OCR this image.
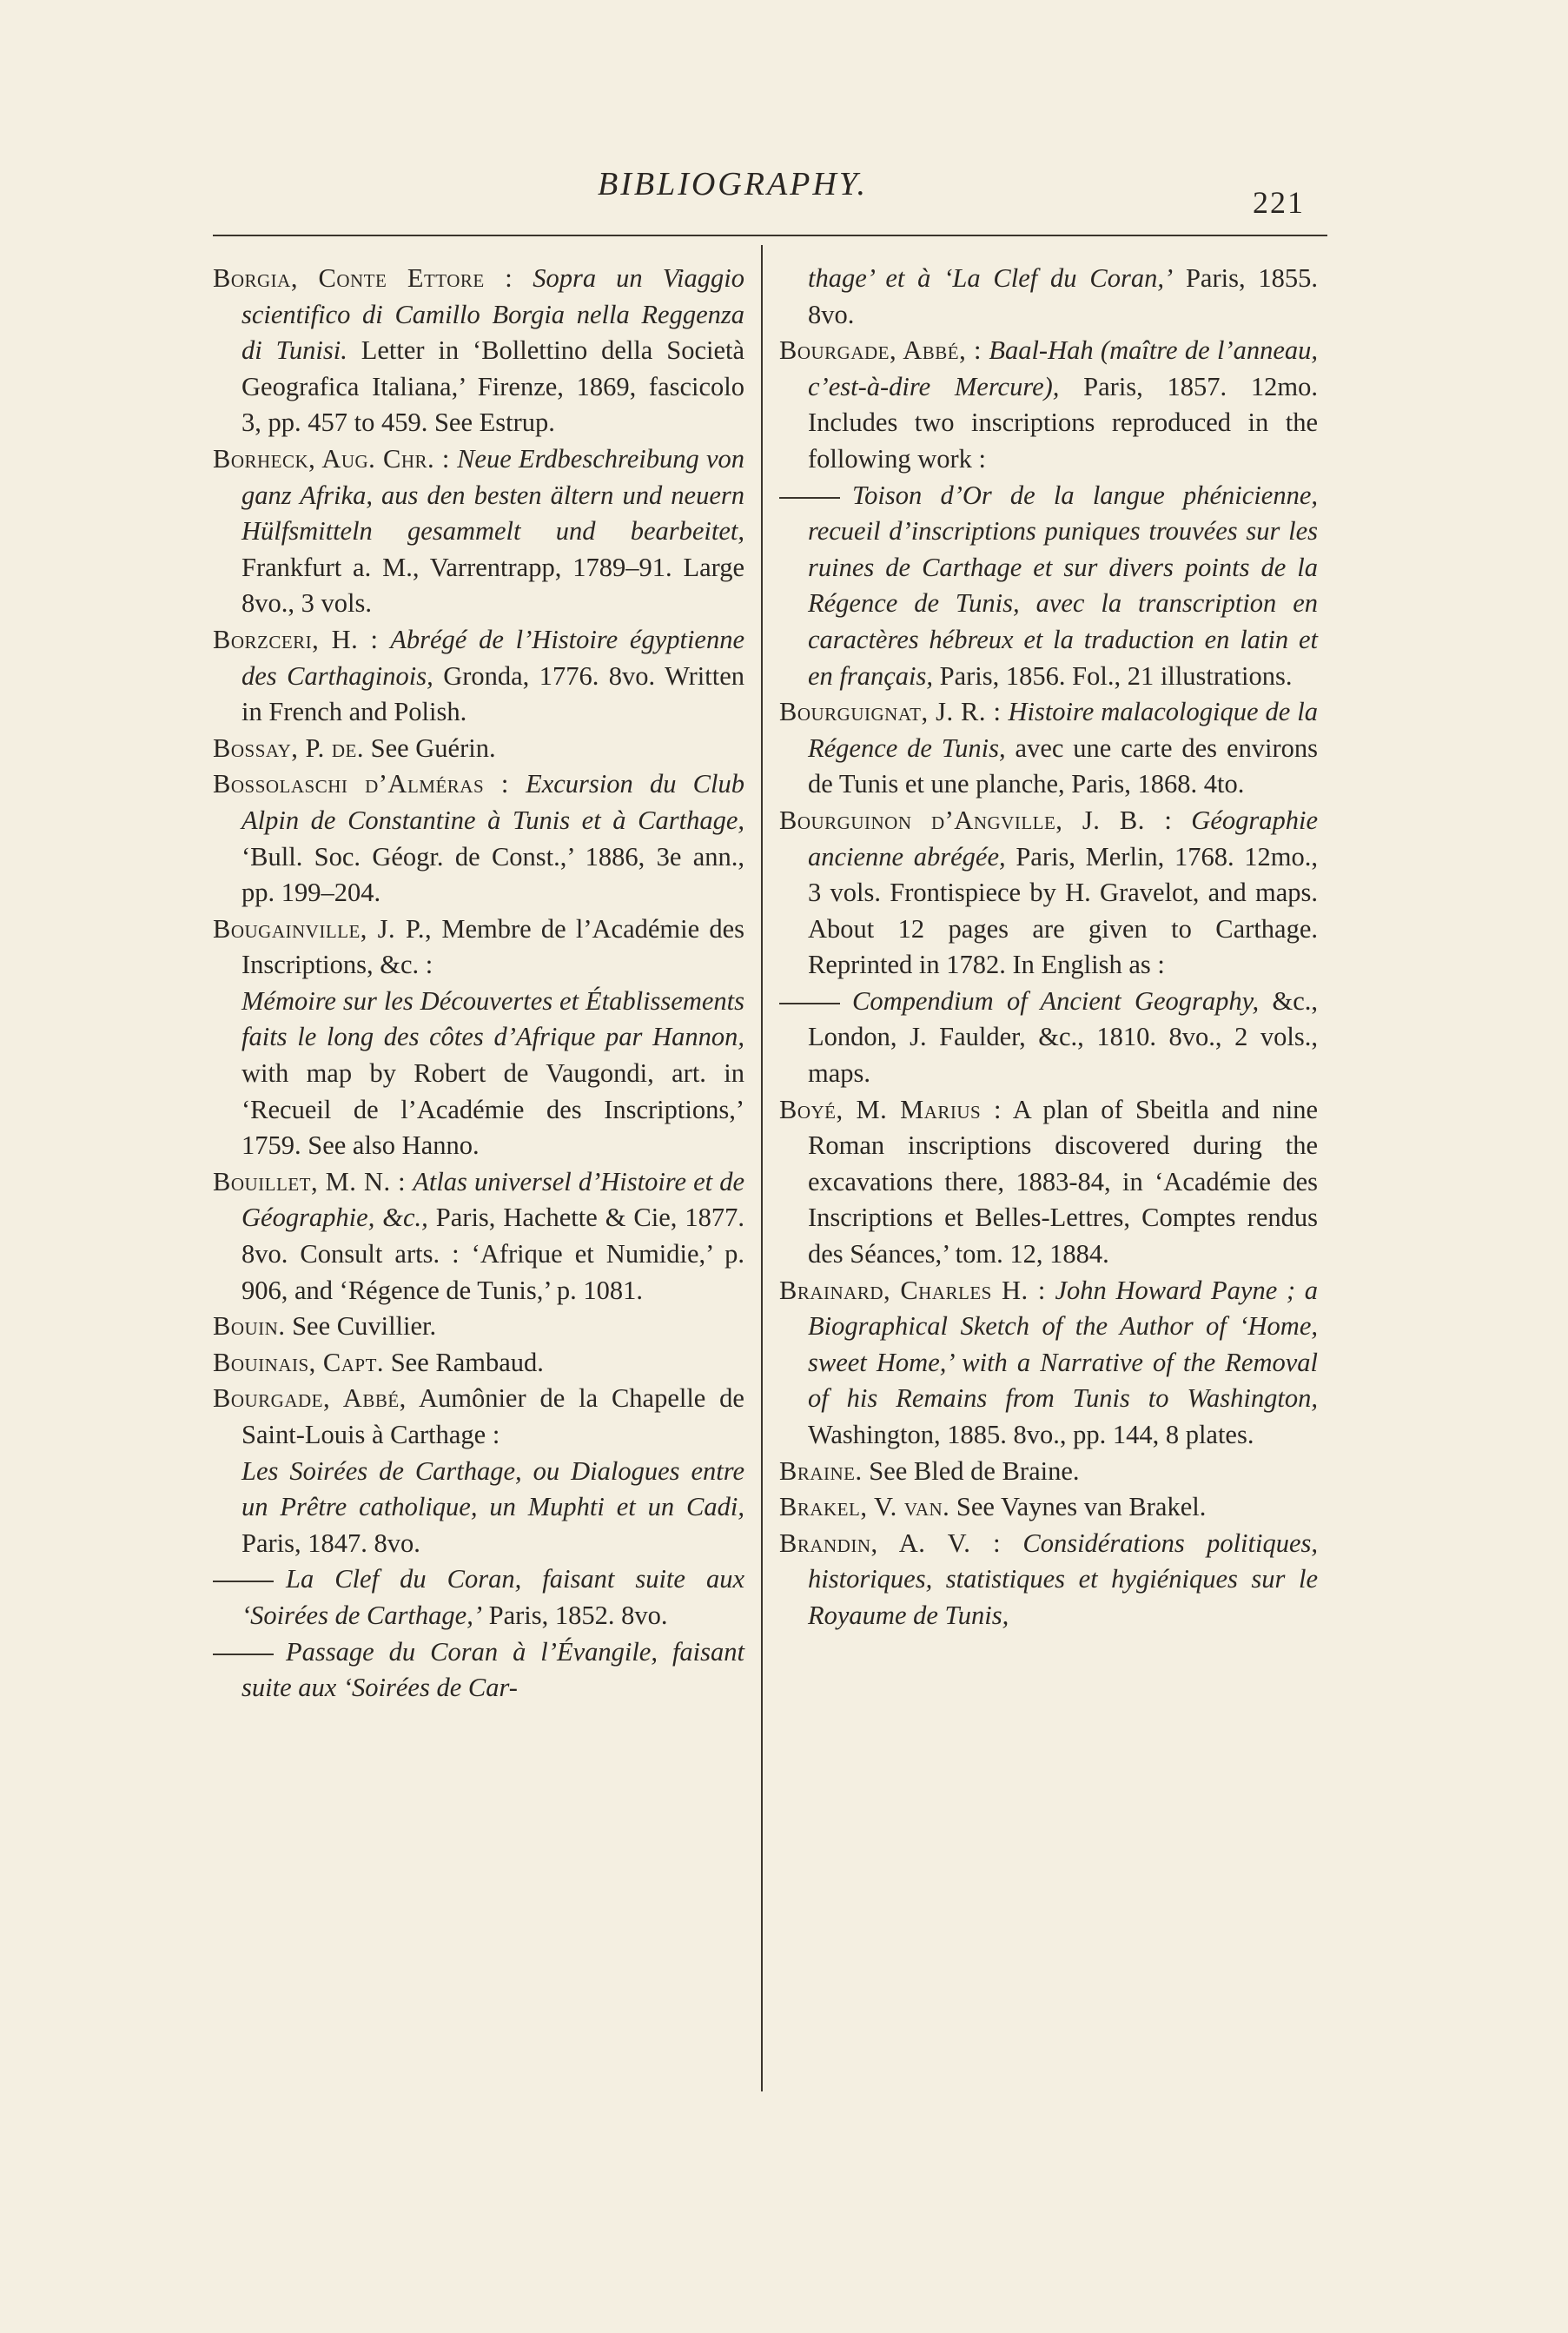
BIBLIOGRAPHY.	221

Borgia, Conte Ettore : Sopra un Viaggio scientifico di Camillo Borgia nella Reggenza di Tunisi. Letter in ‘Bollettino della Società Geografica Italiana,’ Firenze, 1869, fascicolo 3, pp. 457 to 459. See Estrup.

Borheck, Aug. Chr. : Neue Erdbeschreibung von ganz Afrika, aus den besten ältern und neuern Hülfsmitteln gesammelt und bearbeitet, Frankfurt a. M., Varrentrapp, 1789–91. Large 8vo., 3 vols.

Borzceri, H. : Abrégé de l’Histoire égyptienne des Carthaginois, Gronda, 1776. 8vo. Written in French and Polish.

Bossay, P. de. See Guérin.

Bossolaschi d’Alméras : Excursion du Club Alpin de Constantine à Tunis et à Carthage, ‘Bull. Soc. Géogr. de Const.,’ 1886, 3e ann., pp. 199–204.

Bougainville, J. P., Membre de l’Académie des Inscriptions, &c. :

Mémoire sur les Découvertes et Établissements faits le long des côtes d’Afrique par Hannon, with map by Robert de Vaugondi, art. in ‘Recueil de l’Académie des Inscriptions,’ 1759. See also Hanno.

Bouillet, M. N. : Atlas universel d’Histoire et de Géographie, &c., Paris, Hachette & Cie, 1877. 8vo. Consult arts. : ‘Afrique et Numidie,’ p. 906, and ‘Régence de Tunis,’ p. 1081.

Bouin. See Cuvillier.

Bouinais, Capt. See Rambaud.

Bourgade, Abbé, Aumônier de la Chapelle de Saint-Louis à Carthage :

Les Soirées de Carthage, ou Dialogues entre un Prêtre catholique, un Muphti et un Cadi, Paris, 1847. 8vo.

La Clef du Coran, faisant suite aux ‘Soirées de Carthage,’ Paris, 1852. 8vo.

Passage du Coran à l’Évangile, faisant suite aux ‘Soirées de Car-

thage’ et à ‘La Clef du Coran,’ Paris, 1855. 8vo.

Bourgade, Abbé, : Baal-Hah (maître de l’anneau, c’est-à-dire Mercure), Paris, 1857. 12mo. Includes two inscriptions reproduced in the following work :

Toison d’Or de la langue phénicienne, recueil d’inscriptions puniques trouvées sur les ruines de Carthage et sur divers points de la Régence de Tunis, avec la transcription en caractères hébreux et la traduction en latin et en français, Paris, 1856. Fol., 21 illustrations.

Bourguignat, J. R. : Histoire malacologique de la Régence de Tunis, avec une carte des environs de Tunis et une planche, Paris, 1868. 4to.

Bourguinon d’Angville, J. B. : Géographie ancienne abrégée, Paris, Merlin, 1768. 12mo., 3 vols. Frontispiece by H. Gravelot, and maps. About 12 pages are given to Carthage. Reprinted in 1782. In English as :

Compendium of Ancient Geography, &c., London, J. Faulder, &c., 1810. 8vo., 2 vols., maps.

Boyé, M. Marius : A plan of Sbeitla and nine Roman inscriptions discovered during the excavations there, 1883-84, in ‘Académie des Inscriptions et Belles-Lettres, Comptes rendus des Séances,’ tom. 12, 1884.

Brainard, Charles H. : John Howard Payne ; a Biographical Sketch of the Author of ‘Home, sweet Home,’ with a Narrative of the Removal of his Remains from Tunis to Washington, Washington, 1885. 8vo., pp. 144, 8 plates.

Braine. See Bled de Braine.

Brakel, V. van. See Vaynes van Brakel.

Brandin, A. V. : Considérations politiques, historiques, statistiques et hygiéniques sur le Royaume de Tunis,
